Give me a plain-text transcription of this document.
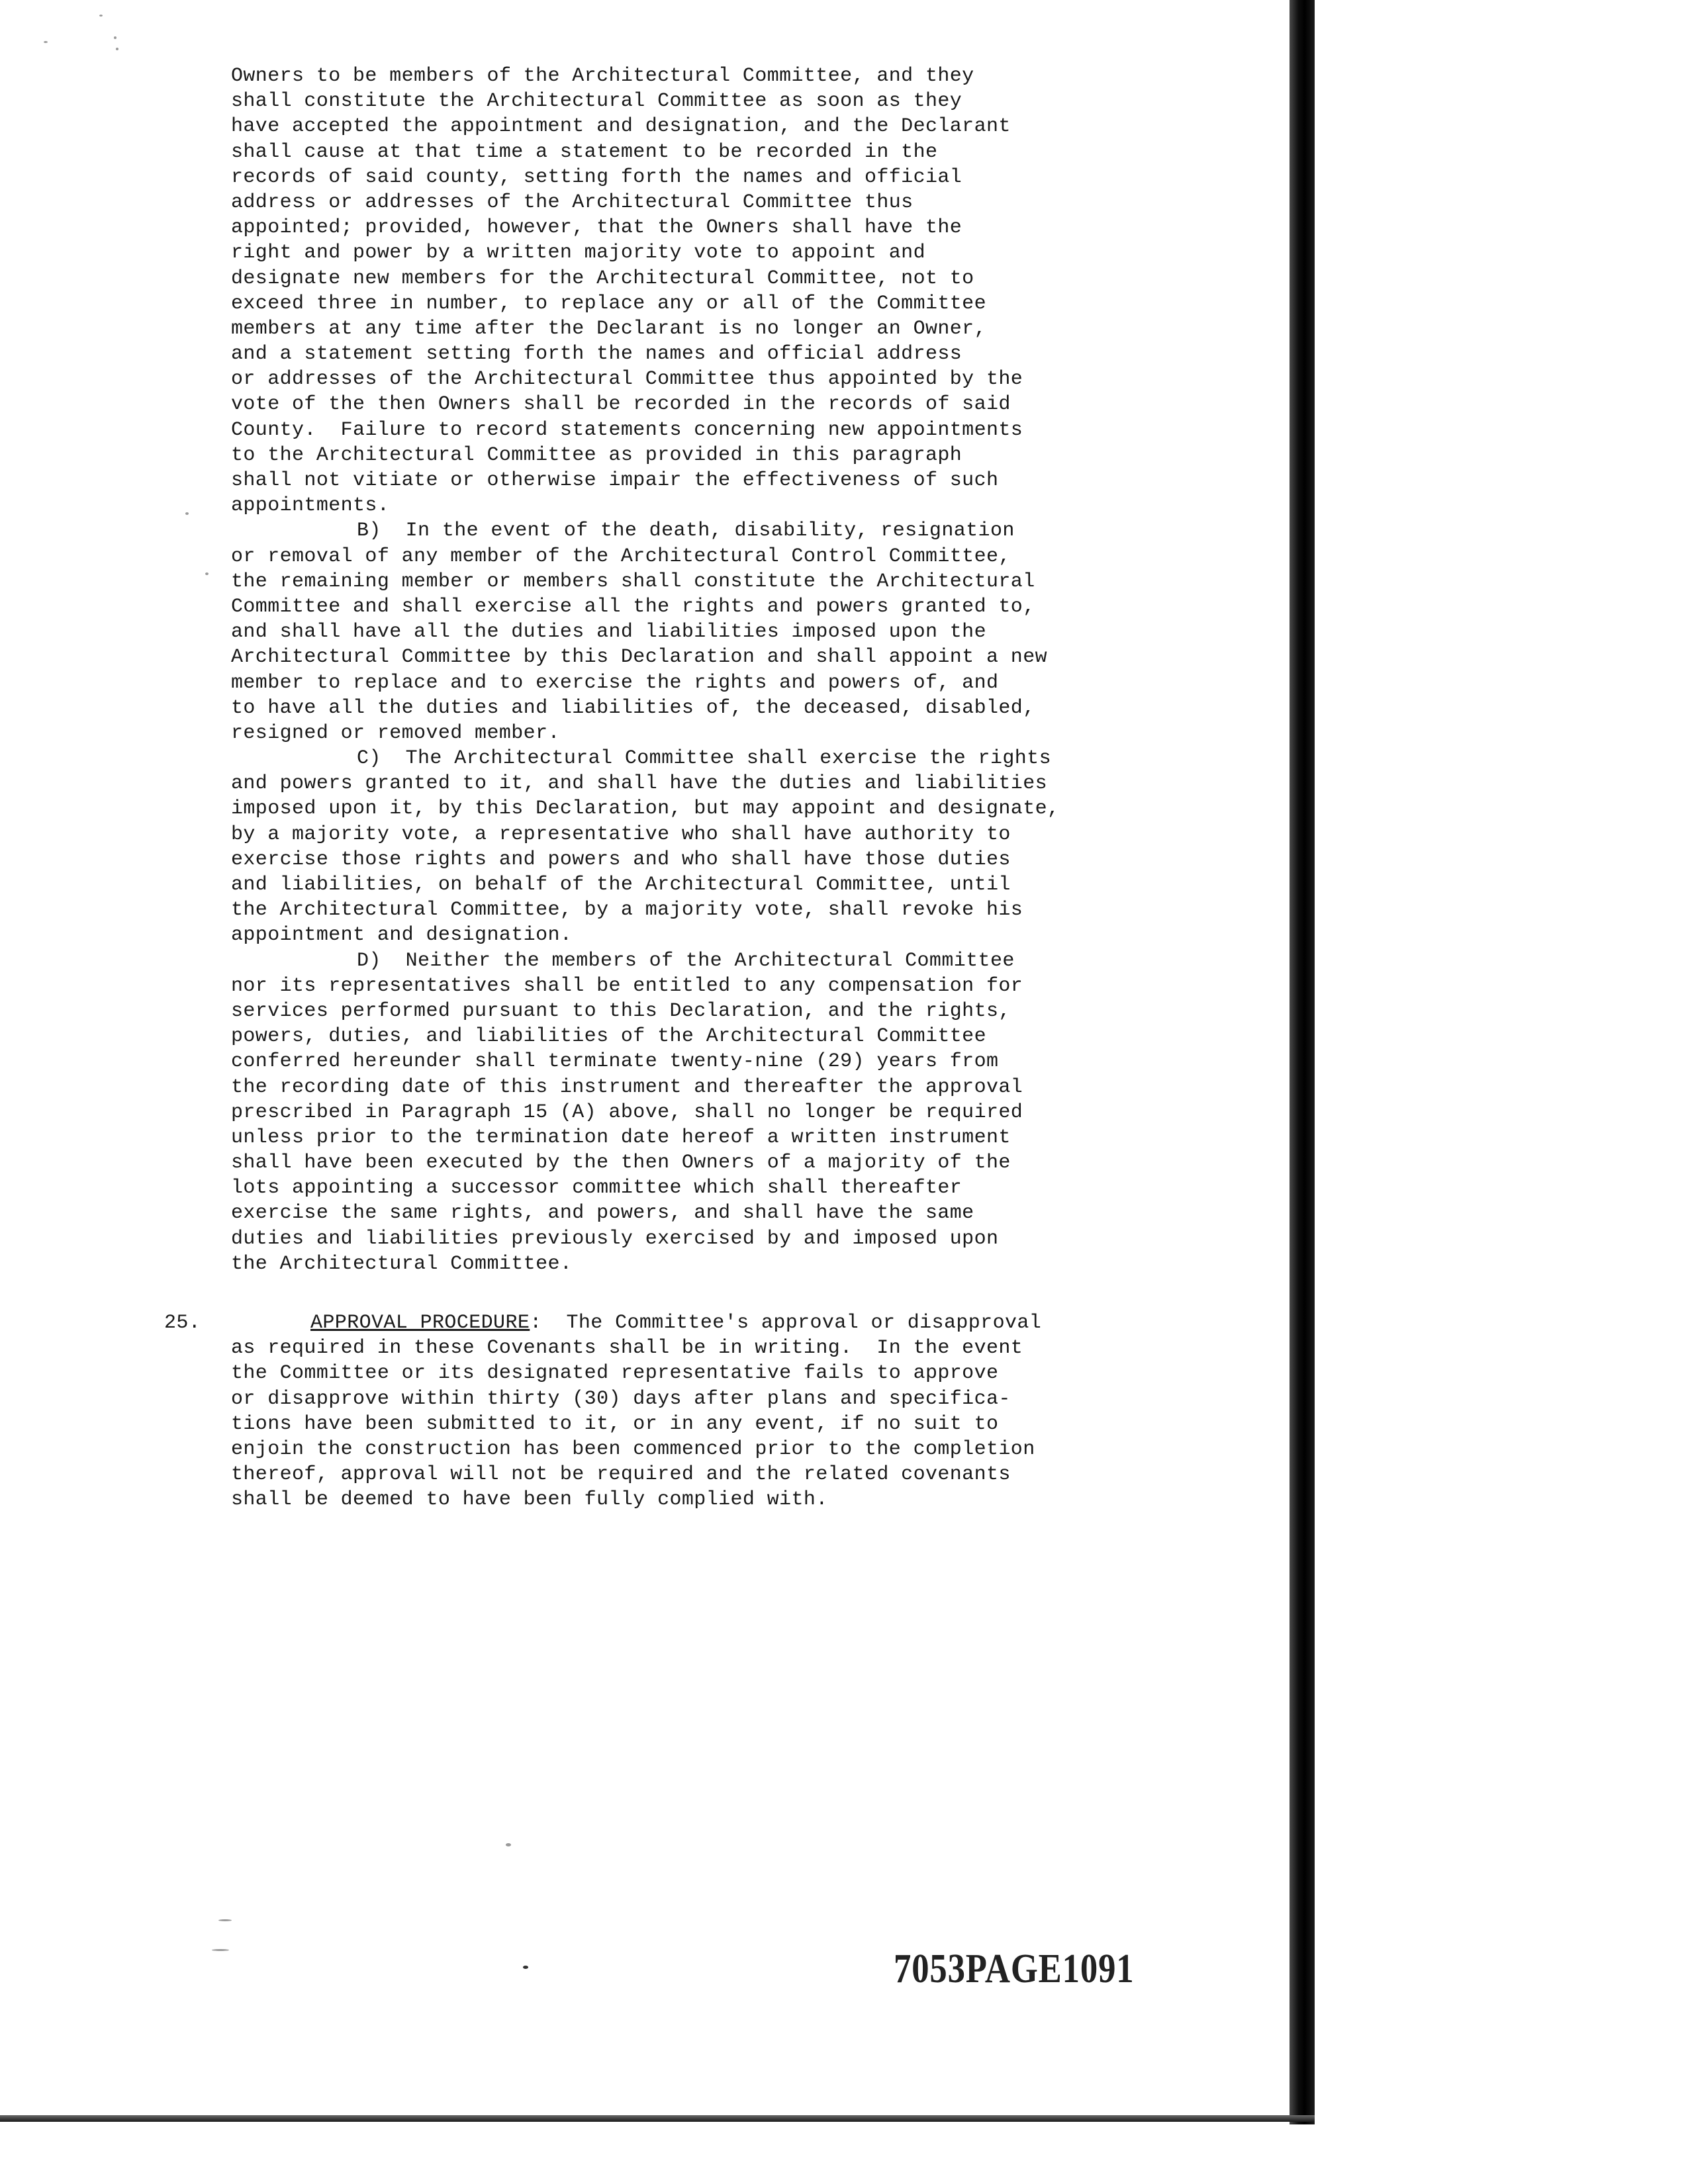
Owners to be members of the Architectural Committee, and they
shall constitute the Architectural Committee as soon as they
have accepted the appointment and designation, and the Declarant
shall cause at that time a statement to be recorded in the
records of said county, setting forth the names and official
address or addresses of the Architectural Committee thus
appointed; provided, however, that the Owners shall have the
right and power by a written majority vote to appoint and
designate new members for the Architectural Committee, not to
exceed three in number, to replace any or all of the Committee
members at any time after the Declarant is no longer an Owner,
and a statement setting forth the names and official address
or addresses of the Architectural Committee thus appointed by the
vote of the then Owners shall be recorded in the records of said
County.  Failure to record statements concerning new appointments
to the Architectural Committee as provided in this paragraph
shall not vitiate or otherwise impair the effectiveness of such
appointments.
B)  In the event of the death, disability, resignation
or removal of any member of the Architectural Control Committee,
the remaining member or members shall constitute the Architectural
Committee and shall exercise all the rights and powers granted to,
and shall have all the duties and liabilities imposed upon the
Architectural Committee by this Declaration and shall appoint a new
member to replace and to exercise the rights and powers of, and
to have all the duties and liabilities of, the deceased, disabled,
resigned or removed member.
C)  The Architectural Committee shall exercise the rights
and powers granted to it, and shall have the duties and liabilities
imposed upon it, by this Declaration, but may appoint and designate,
by a majority vote, a representative who shall have authority to
exercise those rights and powers and who shall have those duties
and liabilities, on behalf of the Architectural Committee, until
the Architectural Committee, by a majority vote, shall revoke his
appointment and designation.
D)  Neither the members of the Architectural Committee
nor its representatives shall be entitled to any compensation for
services performed pursuant to this Declaration, and the rights,
powers, duties, and liabilities of the Architectural Committee
conferred hereunder shall terminate twenty-nine (29) years from
the recording date of this instrument and thereafter the approval
prescribed in Paragraph 15 (A) above, shall no longer be required
unless prior to the termination date hereof a written instrument
shall have been executed by the then Owners of a majority of the
lots appointing a successor committee which shall thereafter
exercise the same rights, and powers, and shall have the same
duties and liabilities previously exercised by and imposed upon
the Architectural Committee.
25.	APPROVAL PROCEDURE:  The Committee's approval or disapproval
as required in these Covenants shall be in writing.  In the event
the Committee or its designated representative fails to approve
or disapprove within thirty (30) days after plans and specifica-
tions have been submitted to it, or in any event, if no suit to
enjoin the construction has been commenced prior to the completion
thereof, approval will not be required and the related covenants
shall be deemed to have been fully complied with.
7053PAGE1091
